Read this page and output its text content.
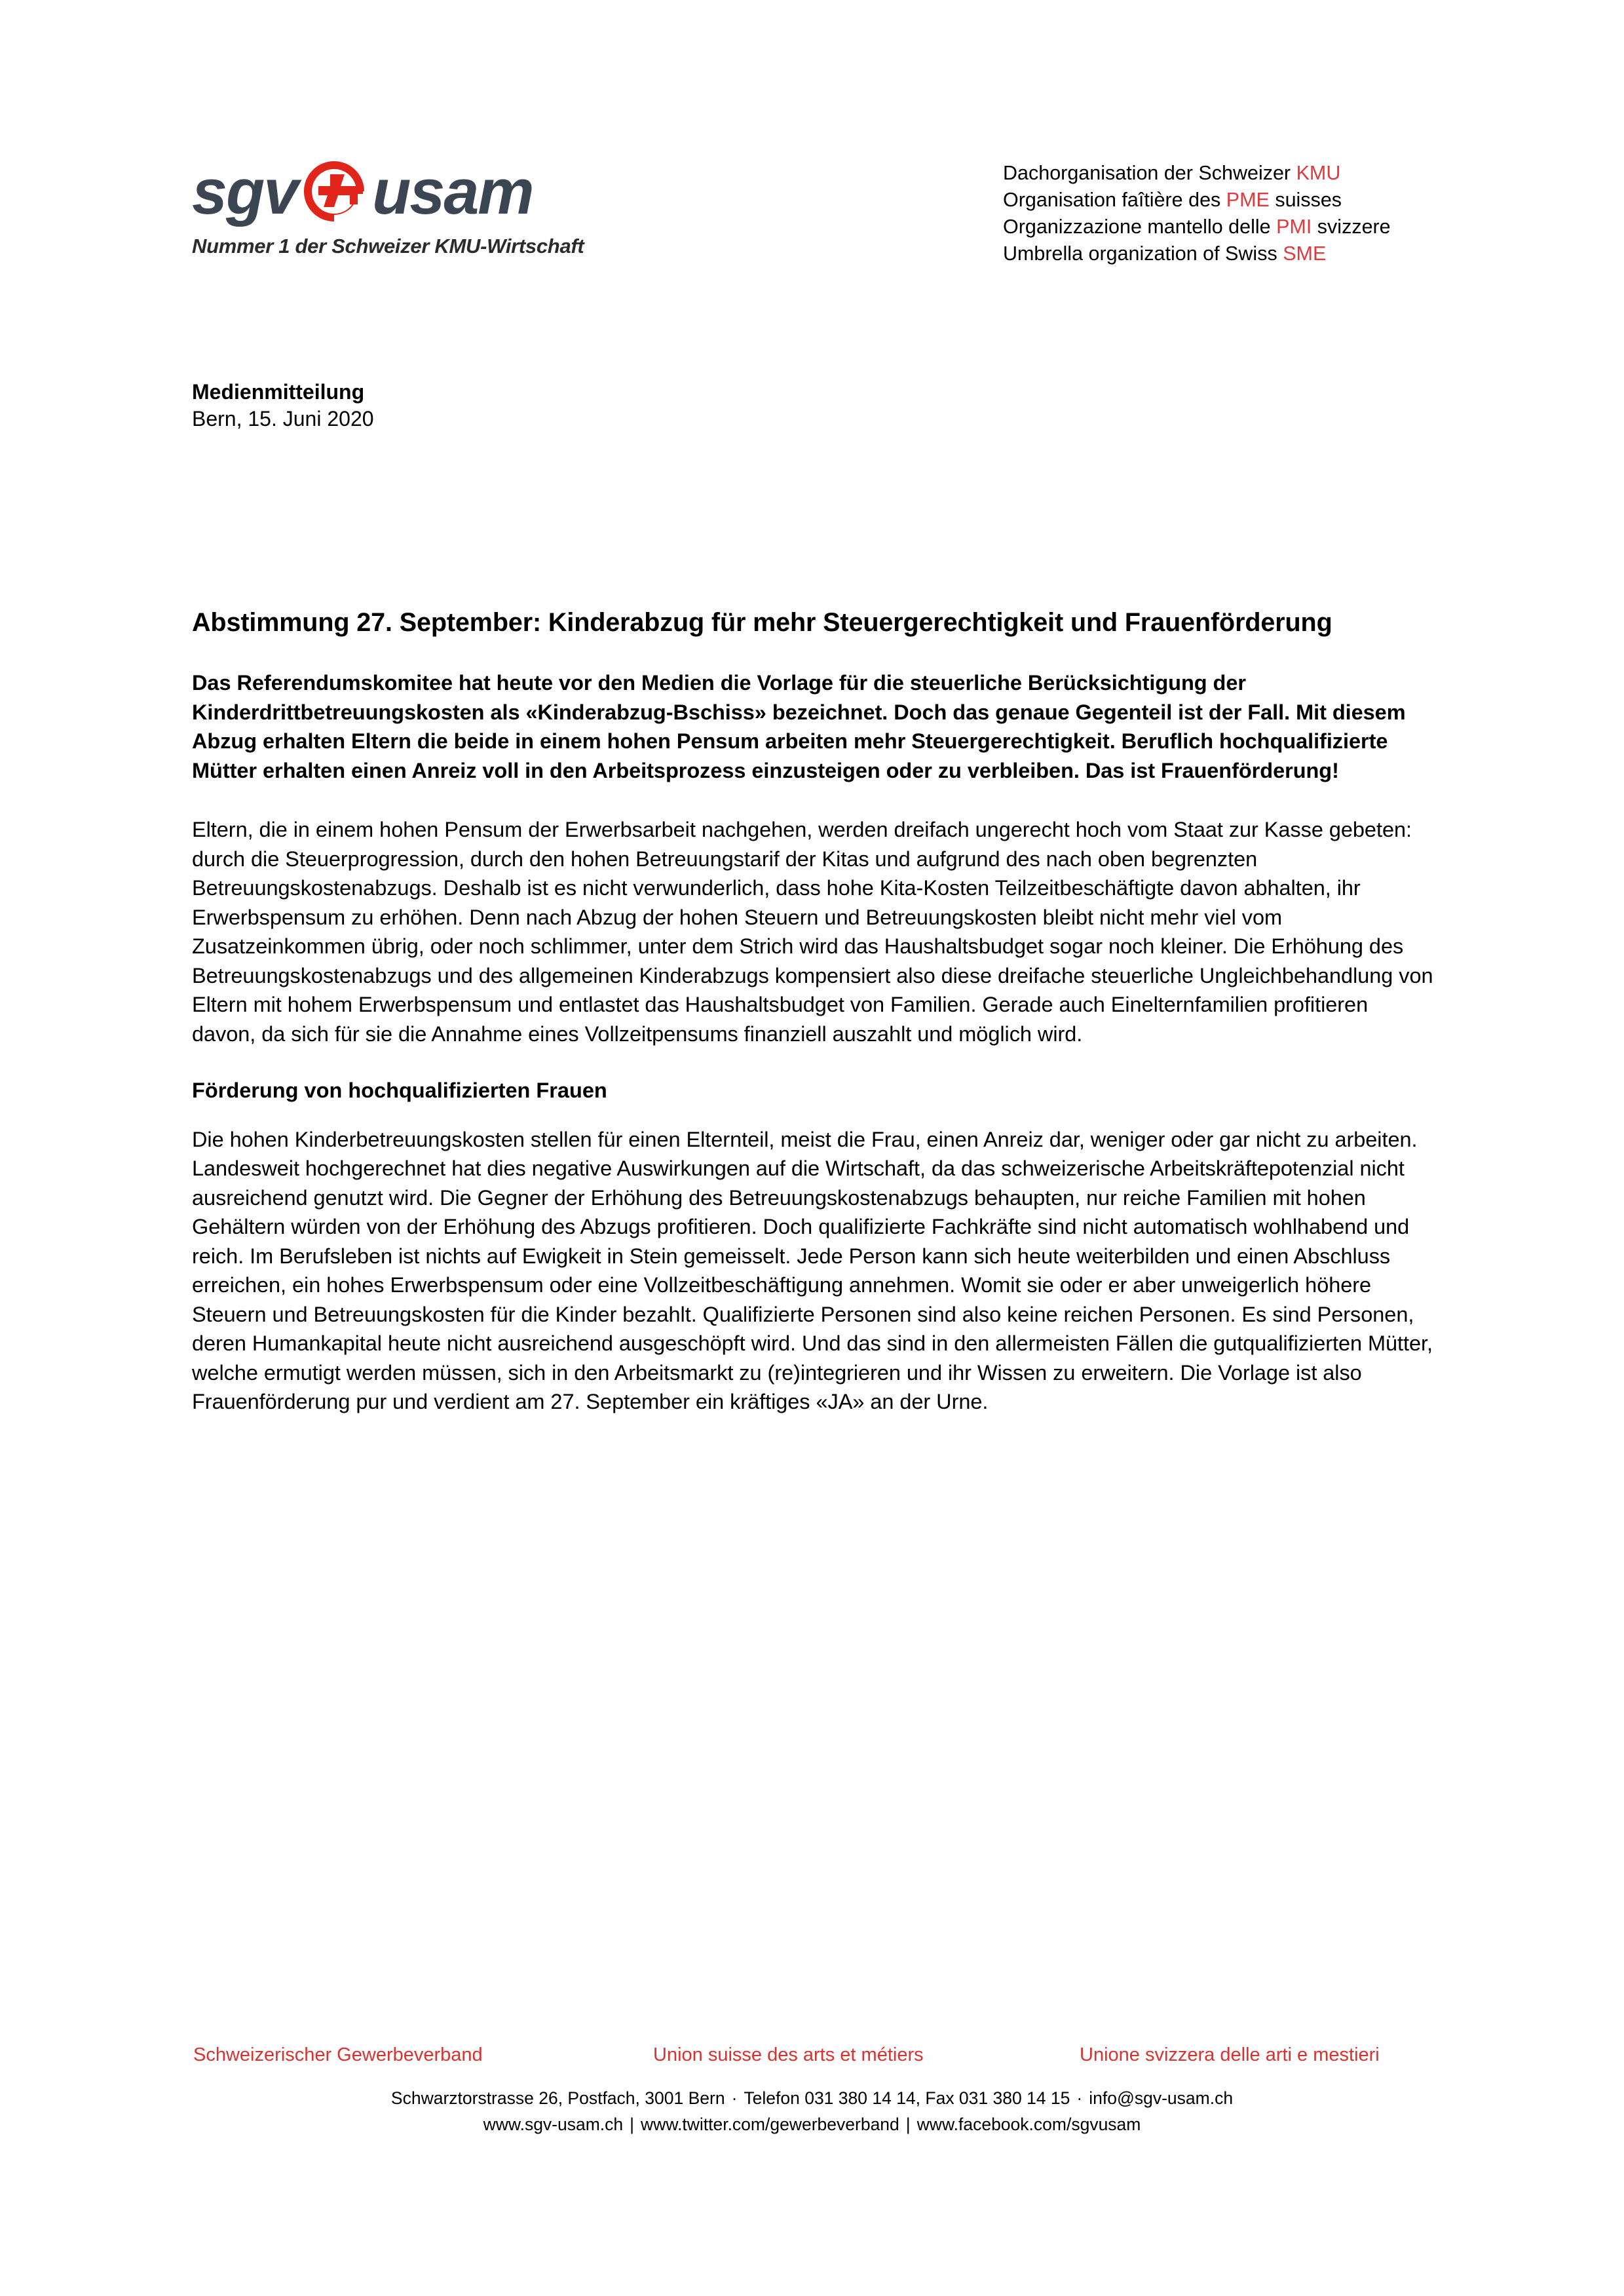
sgv usam
Nummer 1 der Schweizer KMU-Wirtschaft
Dachorganisation der Schweizer KMU
Organisation faîtière des PME suisses
Organizzazione mantello delle PMI svizzere
Umbrella organization of Swiss SME
Medienmitteilung
Bern, 15. Juni 2020
Abstimmung 27. September: Kinderabzug für mehr Steuergerechtigkeit und Frauenförderung

Das Referendumskomitee hat heute vor den Medien die Vorlage für die steuerliche Berücksichtigung der Kinderdrittbetreuungskosten als «Kinderabzug-Bschiss» bezeichnet. Doch das genaue Gegenteil ist der Fall. Mit diesem Abzug erhalten Eltern die beide in einem hohen Pensum arbeiten mehr Steuergerechtigkeit. Beruflich hochqualifizierte Mütter erhalten einen Anreiz voll in den Arbeitsprozess einzusteigen oder zu verbleiben. Das ist Frauenförderung!

Eltern, die in einem hohen Pensum der Erwerbsarbeit nachgehen, werden dreifach ungerecht hoch vom Staat zur Kasse gebeten: durch die Steuerprogression, durch den hohen Betreuungstarif der Kitas und aufgrund des nach oben begrenzten Betreuungskostenabzugs. Deshalb ist es nicht verwunderlich, dass hohe Kita-Kosten Teilzeitbeschäftigte davon abhalten, ihr Erwerbspensum zu erhöhen. Denn nach Abzug der hohen Steuern und Betreuungskosten bleibt nicht mehr viel vom Zusatzeinkommen übrig, oder noch schlimmer, unter dem Strich wird das Haushaltsbudget sogar noch kleiner. Die Erhöhung des Betreuungskostenabzugs und des allgemeinen Kinderabzugs kompensiert also diese dreifache steuerliche Ungleichbehandlung von Eltern mit hohem Erwerbspensum und entlastet das Haushaltsbudget von Familien. Gerade auch Einelternfamilien profitieren davon, da sich für sie die Annahme eines Vollzeitpensums finanziell auszahlt und möglich wird.

Förderung von hochqualifizierten Frauen

Die hohen Kinderbetreuungskosten stellen für einen Elternteil, meist die Frau, einen Anreiz dar, weniger oder gar nicht zu arbeiten. Landesweit hochgerechnet hat dies negative Auswirkungen auf die Wirtschaft, da das schweizerische Arbeitskräftepotenzial nicht ausreichend genutzt wird. Die Gegner der Erhöhung des Betreuungskostenabzugs behaupten, nur reiche Familien mit hohen Gehältern würden von der Erhöhung des Abzugs profitieren. Doch qualifizierte Fachkräfte sind nicht automatisch wohlhabend und reich. Im Berufsleben ist nichts auf Ewigkeit in Stein gemeisselt. Jede Person kann sich heute weiterbilden und einen Abschluss erreichen, ein hohes Erwerbspensum oder eine Vollzeitbeschäftigung annehmen. Womit sie oder er aber unweigerlich höhere Steuern und Betreuungskosten für die Kinder bezahlt. Qualifizierte Personen sind also keine reichen Personen. Es sind Personen, deren Humankapital heute nicht ausreichend ausgeschöpft wird. Und das sind in den allermeisten Fällen die gutqualifizierten Mütter, welche ermutigt werden müssen, sich in den Arbeitsmarkt zu (re)integrieren und ihr Wissen zu erweitern. Die Vorlage ist also Frauenförderung pur und verdient am 27. September ein kräftiges «JA» an der Urne.

Schweizerischer Gewerbeverband	Union suisse des arts et métiers	Unione svizzera delle arti e mestieri
Schwarztorstrasse 26, Postfach, 3001 Bern · Telefon 031 380 14 14, Fax 031 380 14 15 · info@sgv-usam.ch
www.sgv-usam.ch | www.twitter.com/gewerbeverband | www.facebook.com/sgvusam
